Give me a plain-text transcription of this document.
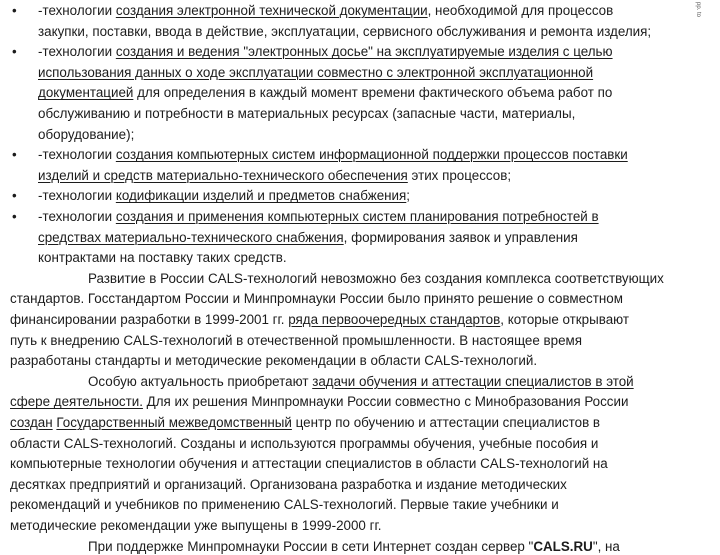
pp. to
• -технологии создания электронной технической документации, необходимой для процессов
закупки, поставки, ввода в действие, эксплуатации, сервисного обслуживания и ремонта изделия;
• -технологии создания и ведения "электронных досье" на эксплуатируемые изделия с целью
использования данных о ходе эксплуатации совместно с электронной эксплуатационной
документацией для определения в каждый момент времени фактического объема работ по
обслуживанию и потребности в материальных ресурсах (запасные части, материалы,
оборудование);
• -технологии создания компьютерных систем информационной поддержки процессов поставки
изделий и средств материально-технического обеспечения этих процессов;
• -технологии кодификации изделий и предметов снабжения;
• -технологии создания и применения компьютерных систем планирования потребностей в
средствах материально-технического снабжения, формирования заявок и управления
контрактами на поставку таких средств.
Развитие в России CALS-технологий невозможно без создания комплекса соответствующих
стандартов. Госстандартом России и Минпромнауки России было принято решение о совместном
финансировании разработки в 1999-2001 гг. ряда первоочередных стандартов, которые открывают
путь к внедрению CALS-технологий в отечественной промышленности. В настоящее время
разработаны стандарты и методические рекомендации в области CALS-технологий.
Особую актуальность приобретают задачи обучения и аттестации специалистов в этой
сфере деятельности. Для их решения Минпромнауки России совместно с Минобразования России
создан Государственный межведомственный центр по обучению и аттестации специалистов в
области CALS-технологий. Созданы и используются программы обучения, учебные пособия и
компьютерные технологии обучения и аттестации специалистов в области CALS-технологий на
десятках предприятий и организаций. Организована разработка и издание методических
рекомендаций и учебников по применению CALS-технологий. Первые такие учебники и
методические рекомендации уже выпущены в 1999-2000 гг.
При поддержке Минпромнауки России в сети Интернет создан сервер "CALS.RU", на
